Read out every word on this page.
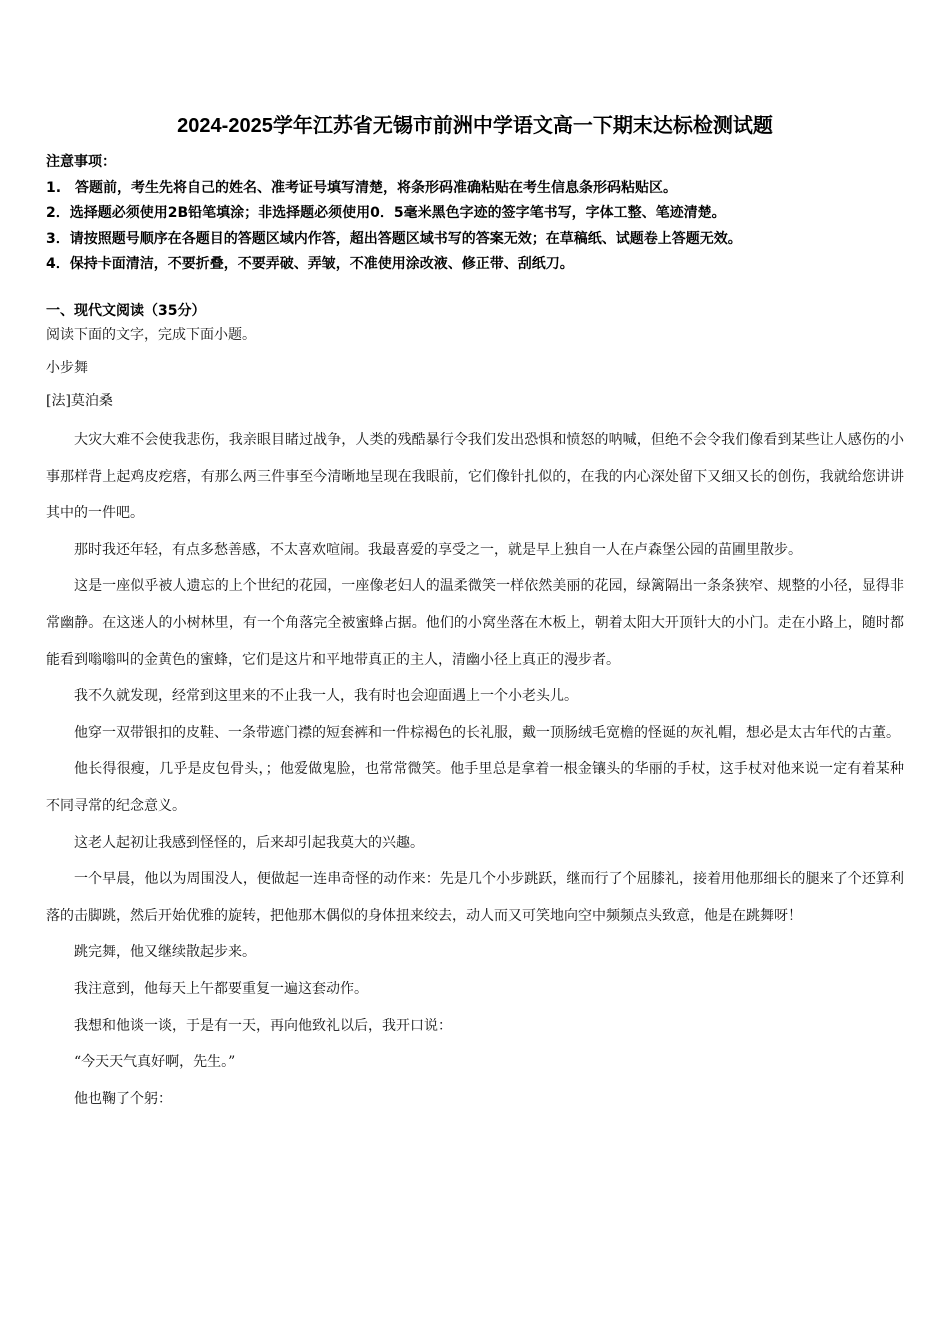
2024-2025学年江苏省无锡市前洲中学语文高一下期末达标检测试题
注意事项：
1.　答题前，考生先将自己的姓名、准考证号填写清楚，将条形码准确粘贴在考生信息条形码粘贴区。
2．选择题必须使用2B铅笔填涂；非选择题必须使用0．5毫米黑色字迹的签字笔书写，字体工整、笔迹清楚。
3．请按照题号顺序在各题目的答题区域内作答，超出答题区域书写的答案无效；在草稿纸、试题卷上答题无效。
4．保持卡面清洁，不要折叠，不要弄破、弄皱，不准使用涂改液、修正带、刮纸刀。
一、现代文阅读（35分）
阅读下面的文字，完成下面小题。
小步舞
[法]莫泊桑

大灾大难不会使我悲伤，我亲眼目睹过战争，人类的残酷暴行令我们发出恐惧和愤怒的呐喊，但绝不会令我们像看到某些让人感伤的小事那样背上起鸡皮疙瘩，有那么两三件事至今清晰地呈现在我眼前，它们像针扎似的，在我的内心深处留下又细又长的创伤，我就给您讲讲其中的一件吧。

那时我还年轻，有点多愁善感，不太喜欢喧闹。我最喜爱的享受之一，就是早上独自一人在卢森堡公园的苗圃里散步。

这是一座似乎被人遗忘的上个世纪的花园，一座像老妇人的温柔微笑一样依然美丽的花园，绿篱隔出一条条狭窄、规整的小径，显得非常幽静。在这迷人的小树林里，有一个角落完全被蜜蜂占据。他们的小窝坐落在木板上，朝着太阳大开顶针大的小门。走在小路上，随时都能看到嗡嗡叫的金黄色的蜜蜂，它们是这片和平地带真正的主人，清幽小径上真正的漫步者。

我不久就发现，经常到这里来的不止我一人，我有时也会迎面遇上一个小老头儿。

他穿一双带银扣的皮鞋、一条带遮门襟的短套裤和一件棕褐色的长礼服，戴一顶肠绒毛宽檐的怪诞的灰礼帽，想必是太古年代的古董。

他长得很瘦，几乎是皮包骨头，；他爱做鬼脸，也常常微笑。他手里总是拿着一根金镶头的华丽的手杖，这手杖对他来说一定有着某种不同寻常的纪念意义。

这老人起初让我感到怪怪的，后来却引起我莫大的兴趣。

一个早晨，他以为周围没人，便做起一连串奇怪的动作来：先是几个小步跳跃，继而行了个屈膝礼，接着用他那细长的腿来了个还算利落的击脚跳，然后开始优雅的旋转，把他那木偶似的身体扭来绞去，动人而又可笑地向空中频频点头致意，他是在跳舞呀！

跳完舞，他又继续散起步来。

我注意到，他每天上午都要重复一遍这套动作。

我想和他谈一谈，于是有一天，再向他致礼以后，我开口说：

“今天天气真好啊，先生。”

他也鞠了个躬：
